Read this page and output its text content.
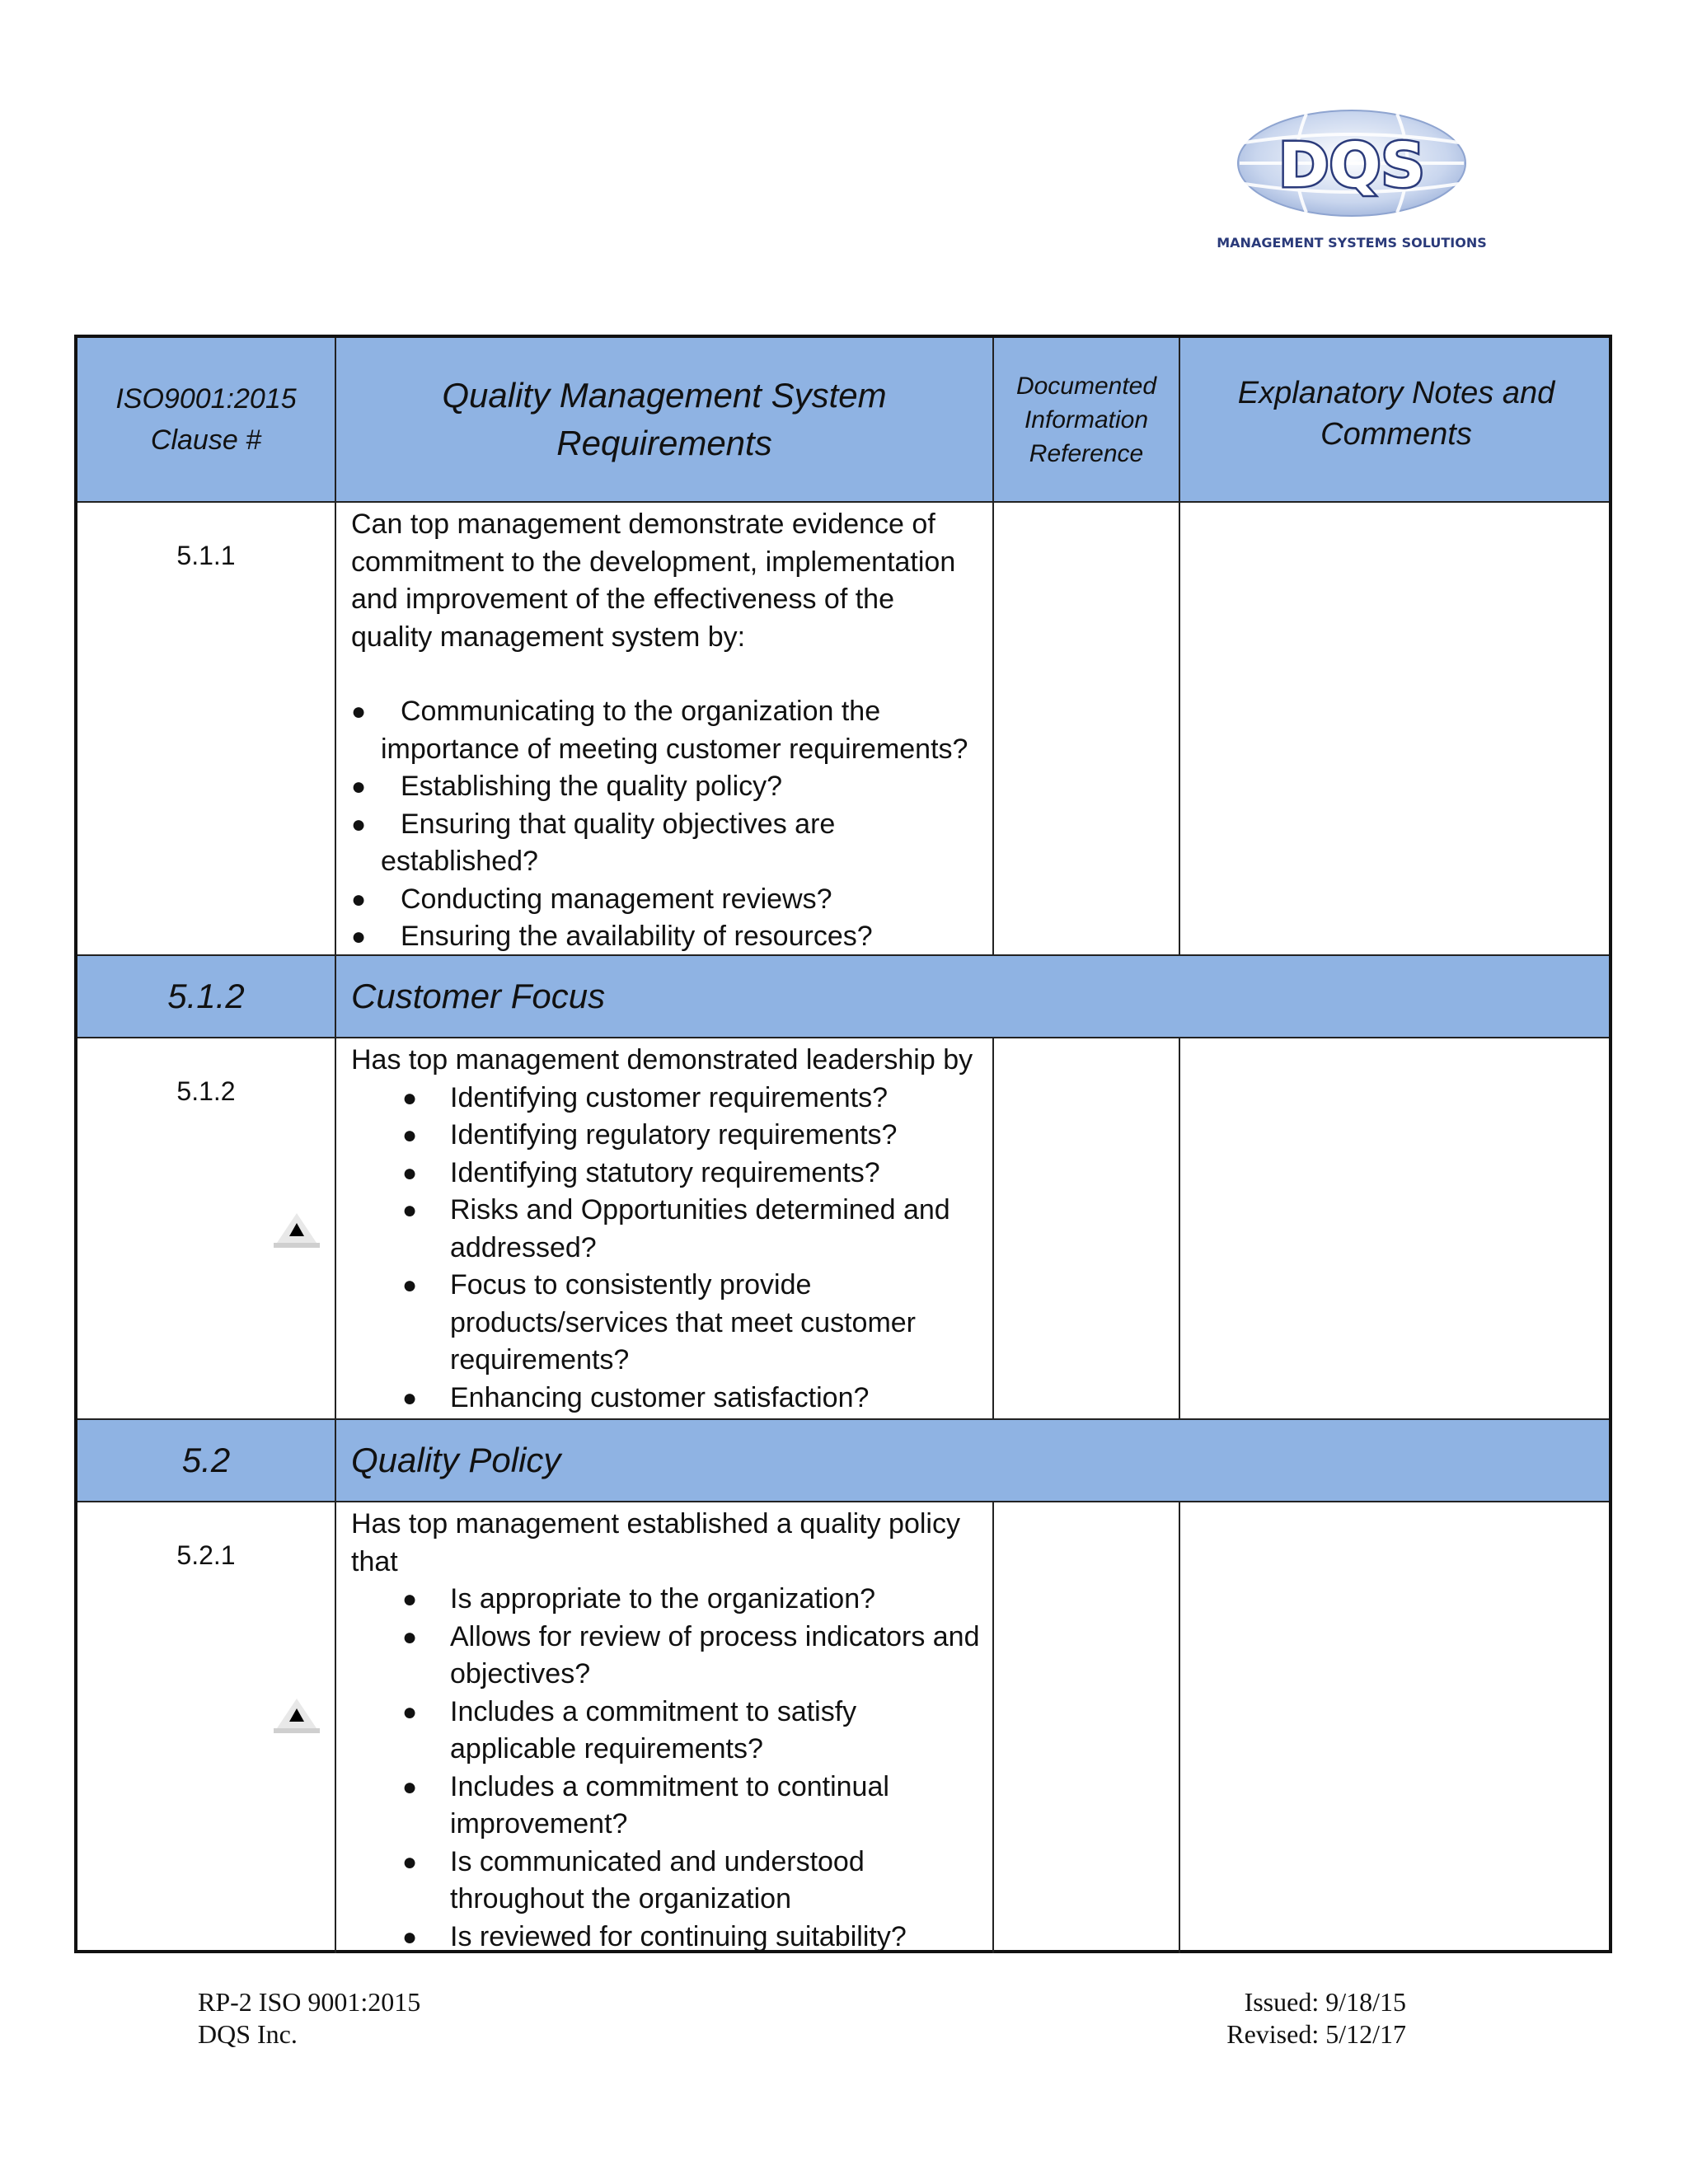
DQS
MANAGEMENT SYSTEMS SOLUTIONS
ISO9001:2015
Clause #
Quality Management System
Requirements
Documented
Information
Reference
Explanatory Notes and
Comments
5.1.1

Can top management demonstrate evidence of commitment to the development, implementation and improvement of the effectiveness of the quality management system by:

● Communicating to the organization the importance of meeting customer requirements?
● Establishing the quality policy?
● Ensuring that quality objectives are established?
● Conducting management reviews?
● Ensuring the availability of resources?
5.1.2	Customer Focus
5.1.2

Has top management demonstrated leadership by

● Identifying customer requirements?
● Identifying regulatory requirements?
● Identifying statutory requirements?
● Risks and Opportunities determined and addressed?
● Focus to consistently provide products/services that meet customer requirements?
● Enhancing customer satisfaction?
5.2	Quality Policy
5.2.1

Has top management established a quality policy that

● Is appropriate to the organization?
● Allows for review of process indicators and objectives?
● Includes a commitment to satisfy applicable requirements?
● Includes a commitment to continual improvement?
● Is communicated and understood throughout the organization
● Is reviewed for continuing suitability?
RP-2 ISO 9001:2015
DQS Inc.
Issued: 9/18/15
Revised: 5/12/17
